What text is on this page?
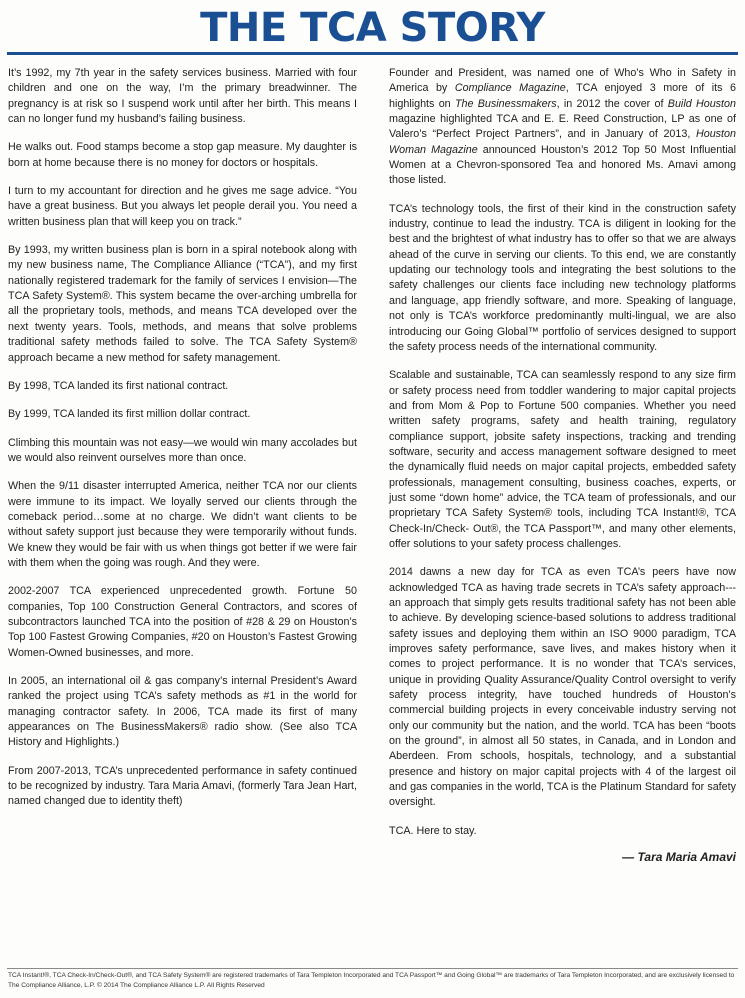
THE TCA STORY

It’s 1992, my 7th year in the safety services business. Married with four children and one on the way, I’m the primary breadwinner. The pregnancy is at risk so I suspend work until after her birth. This means I can no longer fund my husband’s failing business.

He walks out. Food stamps become a stop gap measure. My daughter is born at home because there is no money for doctors or hospitals.

I turn to my accountant for direction and he gives me sage advice. “You have a great business. But you always let people derail you. You need a written business plan that will keep you on track.”

By 1993, my written business plan is born in a spiral notebook along with my new business name, The Compliance Alliance (“TCA”), and my first nationally registered trademark for the family of services I envision—The TCA Safety System®. This system became the over-arching umbrella for all the proprietary tools, methods, and means TCA developed over the next twenty years. Tools, methods, and means that solve problems traditional safety methods failed to solve. The TCA Safety System® approach became a new method for safety management.

By 1998, TCA landed its first national contract.

By 1999, TCA landed its first million dollar contract.

Climbing this mountain was not easy—we would win many accolades but we would also reinvent ourselves more than once.

When the 9/11 disaster interrupted America, neither TCA nor our clients were immune to its impact. We loyally served our clients through the comeback period…some at no charge. We didn’t want clients to be without safety support just because they were temporarily without funds. We knew they would be fair with us when things got better if we were fair with them when the going was rough. And they were.

2002-2007 TCA experienced unprecedented growth. Fortune 50 companies, Top 100 Construction General Contractors, and scores of subcontractors launched TCA into the position of #28 & 29 on Houston’s Top 100 Fastest Growing Companies, #20 on Houston’s Fastest Growing Women-Owned businesses, and more.

In 2005, an international oil & gas company’s internal President’s Award ranked the project using TCA’s safety methods as #1 in the world for managing contractor safety. In 2006, TCA made its first of many appearances on The BusinessMakers® radio show. (See also TCA History and Highlights.)

From 2007-2013, TCA’s unprecedented performance in safety continued to be recognized by industry. Tara Maria Amavi, (formerly Tara Jean Hart, named changed due to identity theft)

Founder and President, was named one of Who’s Who in Safety in America by Compliance Magazine, TCA enjoyed 3 more of its 6 highlights on The Businessmakers, in 2012 the cover of Build Houston magazine highlighted TCA and E. E. Reed Construction, LP as one of Valero’s “Perfect Project Partners”, and in January of 2013, Houston Woman Magazine announced Houston’s 2012 Top 50 Most Influential Women at a Chevron-sponsored Tea and honored Ms. Amavi among those listed.

TCA’s technology tools, the first of their kind in the construction safety industry, continue to lead the industry. TCA is diligent in looking for the best and the brightest of what industry has to offer so that we are always ahead of the curve in serving our clients. To this end, we are constantly updating our technology tools and integrating the best solutions to the safety challenges our clients face including new technology platforms and language, app friendly software, and more. Speaking of language, not only is TCA’s workforce predominantly multi-lingual, we are also introducing our Going Global™ portfolio of services designed to support the safety process needs of the international community.

Scalable and sustainable, TCA can seamlessly respond to any size firm or safety process need from toddler wandering to major capital projects and from Mom & Pop to Fortune 500 companies. Whether you need written safety programs, safety and health training, regulatory compliance support, jobsite safety inspections, tracking and trending software, security and access management software designed to meet the dynamically fluid needs on major capital projects, embedded safety professionals, management consulting, business coaches, experts, or just some “down home” advice, the TCA team of professionals, and our proprietary TCA Safety System® tools, including TCA Instant!®, TCA Check-In/Check- Out®, the TCA Passport™, and many other elements, offer solutions to your safety process challenges.

2014 dawns a new day for TCA as even TCA’s peers have now acknowledged TCA as having trade secrets in TCA’s safety approach---an approach that simply gets results traditional safety has not been able to achieve. By developing science-based solutions to address traditional safety issues and deploying them within an ISO 9000 paradigm, TCA improves safety performance, save lives, and makes history when it comes to project performance. It is no wonder that TCA’s services, unique in providing Quality Assurance/Quality Control oversight to verify safety process integrity, have touched hundreds of Houston’s commercial building projects in every conceivable industry serving not only our community but the nation, and the world. TCA has been “boots on the ground”, in almost all 50 states, in Canada, and in London and Aberdeen. From schools, hospitals, technology, and a substantial presence and history on major capital projects with 4 of the largest oil and gas companies in the world, TCA is the Platinum Standard for safety oversight.

TCA. Here to stay.

— Tara Maria Amavi
TCA Instant!®, TCA Check-In/Check-Out®, and TCA Safety System® are registered trademarks of Tara Templeton Incorporated and TCA Passport™ and Going Global™ are trademarks of Tara Templeton Incorporated, and are exclusively licensed to The Compliance Alliance, L.P. © 2014 The Compliance Alliance L.P. All Rights Reserved
